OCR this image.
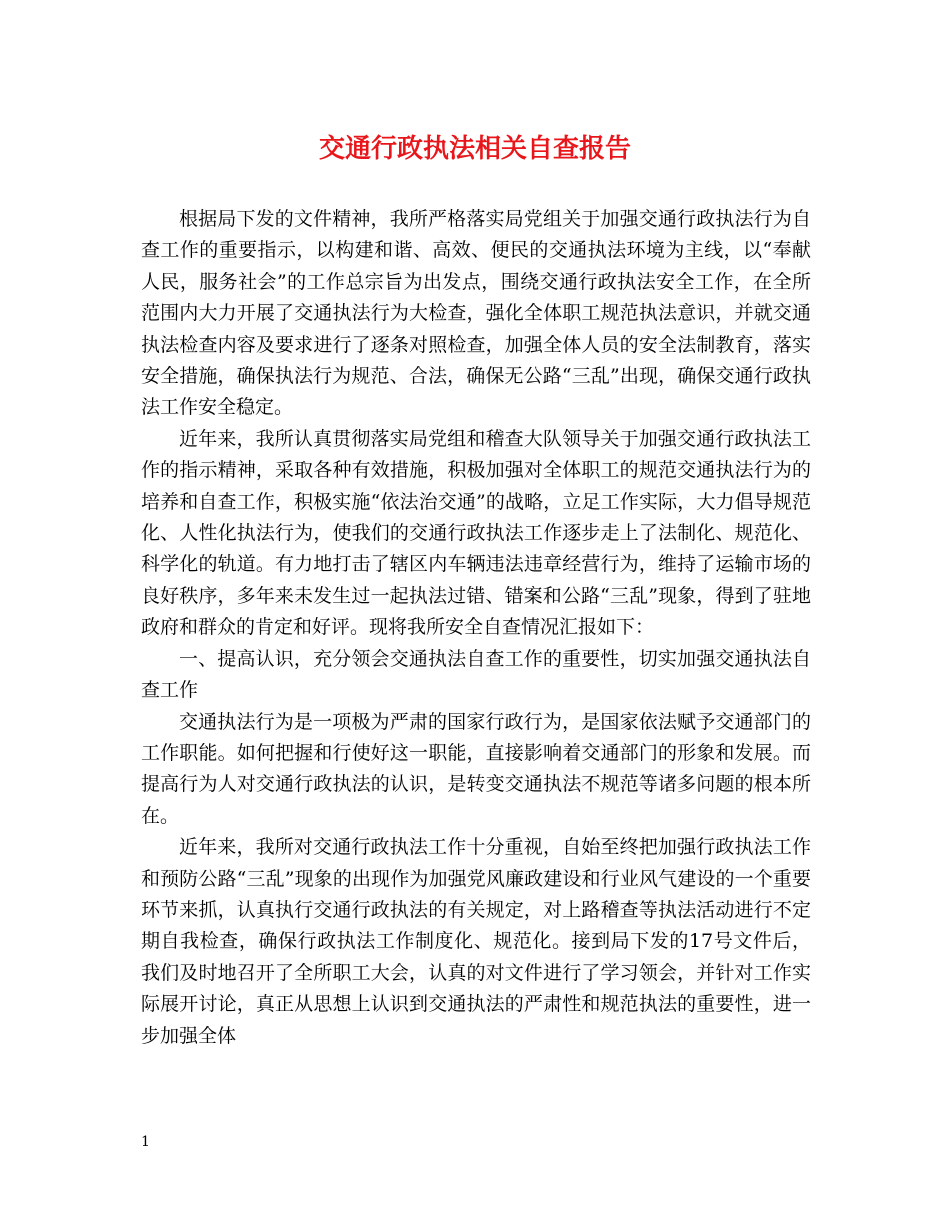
交通行政执法相关自查报告

根据局下发的文件精神，我所严格落实局党组关于加强交通行政执法行为自查工作的重要指示，以构建和谐、高效、便民的交通执法环境为主线，以“奉献人民，服务社会”的工作总宗旨为出发点，围绕交通行政执法安全工作，在全所范围内大力开展了交通执法行为大检查，强化全体职工规范执法意识，并就交通执法检查内容及要求进行了逐条对照检查，加强全体人员的安全法制教育，落实安全措施，确保执法行为规范、合法，确保无公路“三乱”出现，确保交通行政执法工作安全稳定。

近年来，我所认真贯彻落实局党组和稽查大队领导关于加强交通行政执法工作的指示精神，采取各种有效措施，积极加强对全体职工的规范交通执法行为的培养和自查工作，积极实施“依法治交通”的战略，立足工作实际，大力倡导规范化、人性化执法行为，使我们的交通行政执法工作逐步走上了法制化、规范化、科学化的轨道。有力地打击了辖区内车辆违法违章经营行为，维持了运输市场的良好秩序，多年来未发生过一起执法过错、错案和公路“三乱”现象，得到了驻地政府和群众的肯定和好评。现将我所安全自查情况汇报如下：

一、提高认识，充分领会交通执法自查工作的重要性，切实加强交通执法自查工作

交通执法行为是一项极为严肃的国家行政行为，是国家依法赋予交通部门的工作职能。如何把握和行使好这一职能，直接影响着交通部门的形象和发展。而提高行为人对交通行政执法的认识，是转变交通执法不规范等诸多问题的根本所在。

近年来，我所对交通行政执法工作十分重视，自始至终把加强行政执法工作和预防公路“三乱”现象的出现作为加强党风廉政建设和行业风气建设的一个重要环节来抓，认真执行交通行政执法的有关规定，对上路稽查等执法活动进行不定期自我检查，确保行政执法工作制度化、规范化。接到局下发的17号文件后，我们及时地召开了全所职工大会，认真的对文件进行了学习领会，并针对工作实际展开讨论，真正从思想上认识到交通执法的严肃性和规范执法的重要性，进一步加强全体

1
